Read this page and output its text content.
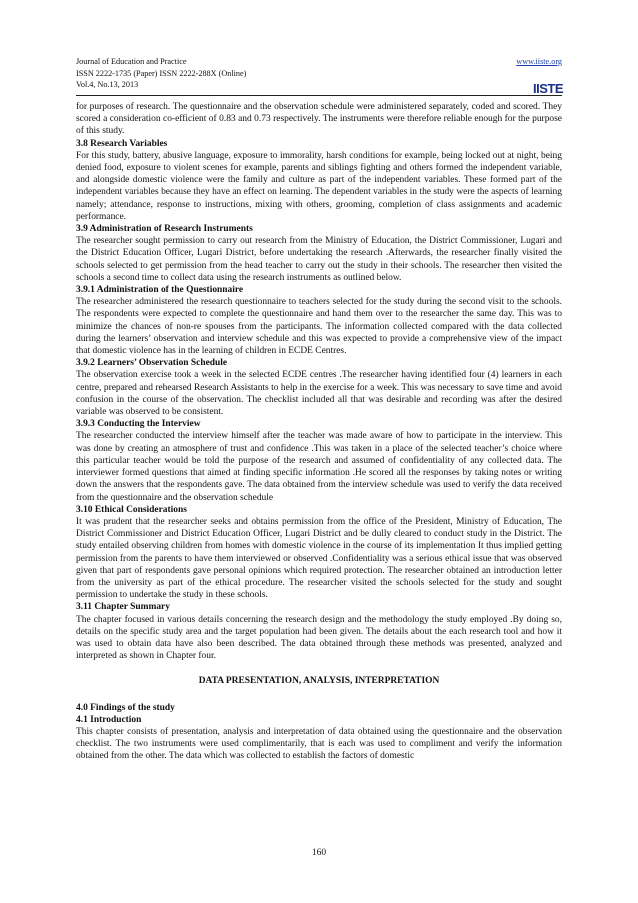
Journal of Education and Practice
ISSN 2222-1735 (Paper) ISSN 2222-288X (Online)
Vol.4, No.13, 2013
www.iiste.org
IISTE

for purposes of research. The questionnaire and the observation schedule were administered separately, coded and scored. They scored a consideration co-efficient of 0.83 and 0.73 respectively. The instruments were therefore reliable enough for the purpose of this study.

3.8 Research Variables

For this study, battery, abusive language, exposure to immorality, harsh conditions for example, being locked out at night, being denied food, exposure to violent scenes for example, parents and siblings fighting and others formed the independent variable, and alongside domestic violence were the family and culture as part of the independent variables. These formed part of the independent variables because they have an effect on learning. The dependent variables in the study were the aspects of learning namely; attendance, response to instructions, mixing with others, grooming, completion of class assignments and academic performance.

3.9 Administration of Research Instruments

The researcher sought permission to carry out research from the Ministry of Education, the District Commissioner, Lugari and the District Education Officer, Lugari District, before undertaking the research .Afterwards, the researcher finally visited the schools selected to get permission from the head teacher to carry out the study in their schools. The researcher then visited the schools a second time to collect data using the research instruments as outlined below.

3.9.1 Administration of the Questionnaire

The researcher administered the research questionnaire to teachers selected for the study during the second visit to the schools. The respondents were expected to complete the questionnaire and hand them over to the researcher the same day. This was to minimize the chances of non-re spouses from the participants. The information collected compared with the data collected during the learners’ observation and interview schedule and this was expected to provide a comprehensive view of the impact that domestic violence has in the learning of children in ECDE Centres.

3.9.2 Learners’ Observation Schedule

The observation exercise took a week in the selected ECDE centres .The researcher having identified four (4) learners in each centre, prepared and rehearsed Research Assistants to help in the exercise for a week. This was necessary to save time and avoid confusion in the course of the observation. The checklist included all that was desirable and recording was after the desired variable was observed to be consistent.

3.9.3 Conducting the Interview

The researcher conducted the interview himself after the teacher was made aware of how to participate in the interview. This was done by creating an atmosphere of trust and confidence .This was taken in a place of the selected teacher’s choice where this particular teacher would be told the purpose of the research and assumed of confidentiality of any collected data. The interviewer formed questions that aimed at finding specific information .He scored all the responses by taking notes or writing down the answers that the respondents gave. The data obtained from the interview schedule was used to verify the data received from the questionnaire and the observation schedule

3.10 Ethical Considerations

It was prudent that the researcher seeks and obtains permission from the office of the President, Ministry of Education, The District Commissioner and District Education Officer, Lugari District and be dully cleared to conduct study in the District. The study entailed observing children from homes with domestic violence in the course of its implementation It thus implied getting permission from the parents to have them interviewed or observed .Confidentiality was a serious ethical issue that was observed given that part of respondents gave personal opinions which required protection. The researcher obtained an introduction letter from the university as part of the ethical procedure. The researcher visited the schools selected for the study and sought permission to undertake the study in these schools.

3.11 Chapter Summary

The chapter focused in various details concerning the research design and the methodology the study employed .By doing so, details on the specific study area and the target population had been given. The details about the each research tool and how it was used to obtain data have also been described. The data obtained through these methods was presented, analyzed and interpreted as shown in Chapter four.

DATA PRESENTATION, ANALYSIS, INTERPRETATION
4.0 Findings of the study
4.1 Introduction

This chapter consists of presentation, analysis and interpretation of data obtained using the questionnaire and the observation checklist. The two instruments were used complimentarily, that is each was used to compliment and verify the information obtained from the other. The data which was collected to establish the factors of domestic

160
